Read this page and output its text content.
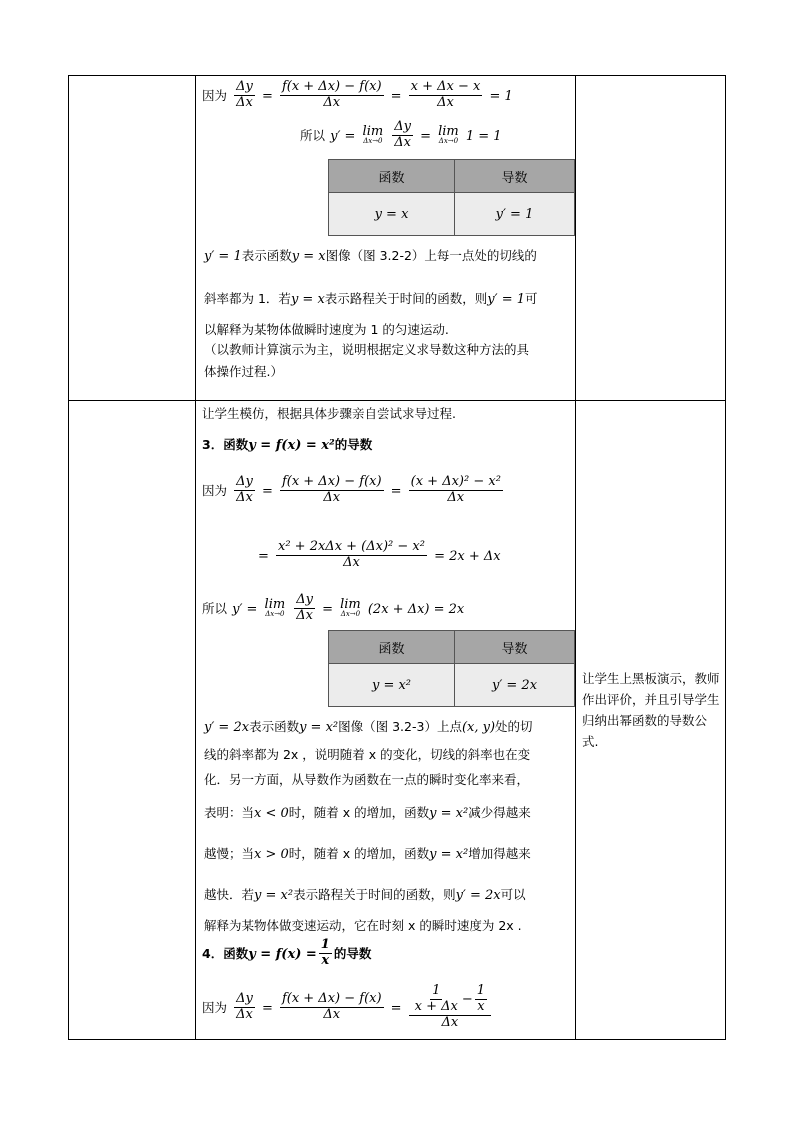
因为 $\frac{\Delta y}{\Delta x} = \frac{f(x + \Delta x) - f(x)}{\Delta x} = \frac{x + \Delta x - x}{\Delta x} = 1$
所以 y′ = lim
Δx→0
$\frac{\Delta y}{\Delta x} = \lim$
Δx→0 1 = 1
函数	导数
y = x	y′ = 1
y′ = 1表示函数y = x图像（图 3.2-2）上每一点处的切线的
斜率都为 1．若y = x表示路程关于时间的函数，则y′ = 1可
以解释为某物体做瞬时速度为 1 的匀速运动.
（以教师计算演示为主，说明根据定义求导数这种方法的具
体操作过程.）
让学生模仿，根据具体步骤亲自尝试求导过程.
3．函数y = f(x) = x²的导数
因为 $\frac{\Delta y}{\Delta x} = \frac{f(x + \Delta x) - f(x)}{\Delta x} = \frac{\text{(x + Δx)² − x²}}{\Delta x}$
= $\frac{\text{x² + 2xΔx + (Δx)² − x²}}{\Delta x} = 2x + \Delta x$
所以 y′ = lim
Δx→0
$\frac{\Delta y}{\Delta x} = \lim$
Δx→0 (2x + Δx) = 2x
函数	导数
y = x²	y′ = 2x
y′ = 2x表示函数y = x²图像（图 3.2-3）上点(x, y)处的切
线的斜率都为 2x ，说明随着 x 的变化，切线的斜率也在变
化．另一方面，从导数作为函数在一点的瞬时变化率来看，
表明：当x < 0时，随着 x 的增加，函数y = x²减少得越来
越慢；当x > 0时，随着 x 的增加，函数y = x²增加得越来
越快．若y = x²表示路程关于时间的函数，则y′ = 2x可以
解释为某物体做变速运动，它在时刻 x 的瞬时速度为 2x .
4．函数$y = f(x) = \frac{1}{x}$ 的导数
因为 $\frac{\Delta y}{\Delta x} = \frac{f(x + \Delta x) - f(x)}{\Delta x} = \frac{\frac{1}{x + \Delta x} - \frac{1}{x}}{\Delta x}$
让学生上黑板演示，教师作出评价，并且引导学生归纳出幂函数的导数公式.
